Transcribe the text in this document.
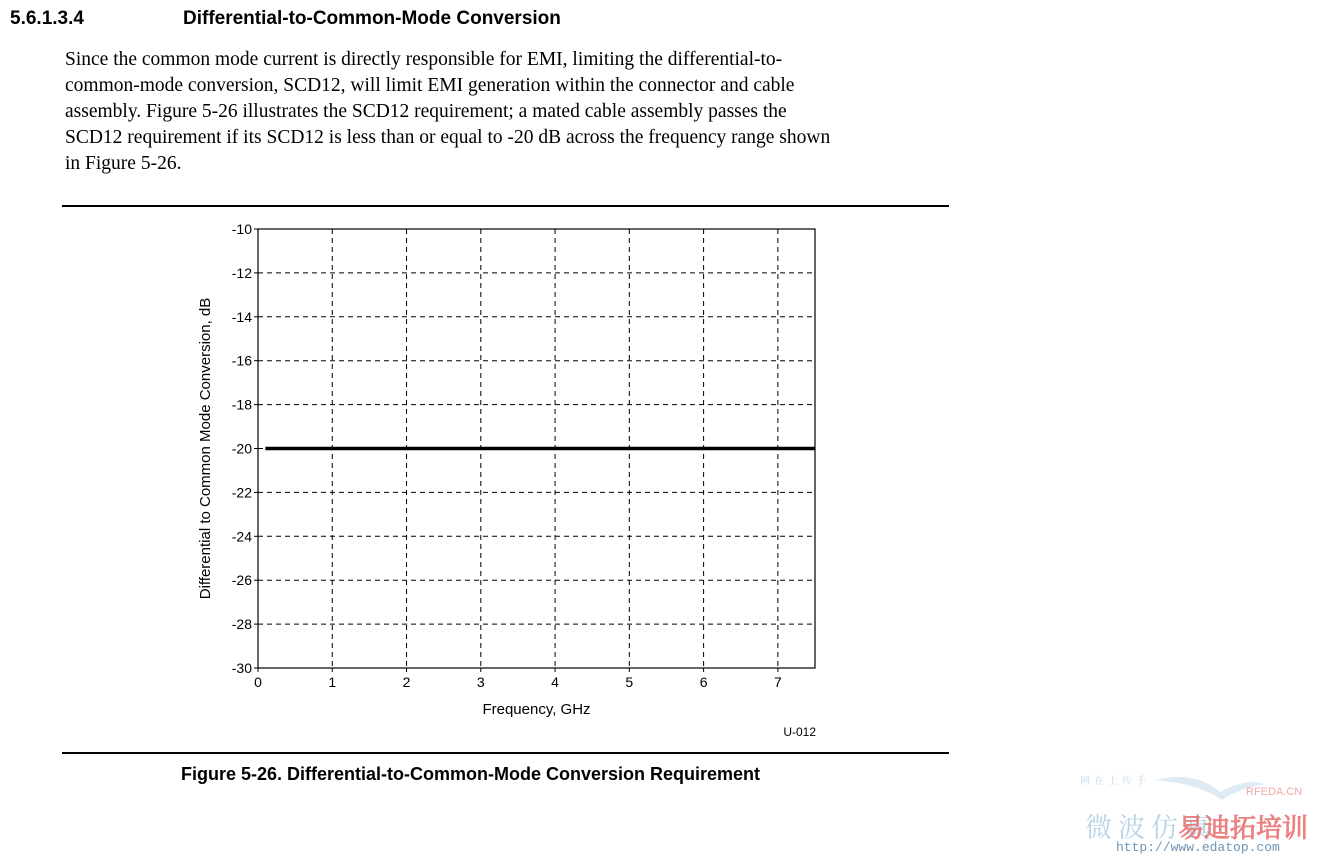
5.6.1.3.4	Differential-to-Common-Mode Conversion

Since the common mode current is directly responsible for EMI, limiting the differential-to-
common-mode conversion, SCD12, will limit EMI generation within the connector and cable
assembly. Figure 5-26 illustrates the SCD12 requirement; a mated cable assembly passes the
SCD12 requirement if its SCD12 is less than or equal to -20 dB across the frequency range shown
in Figure 5-26.

-10
-12
-14
-16
-18
-20
-22
-24
-26
-28
-30
0	1	2	3	4	5	6	7
Frequency, GHz
Differential to Common Mode Conversion, dB
U-012
Figure 5-26. Differential-to-Common-Mode Conversion Requirement	网在上传手
RFEDA.CN
微波仿真
易迪拓培训
http://www.edatop.com
